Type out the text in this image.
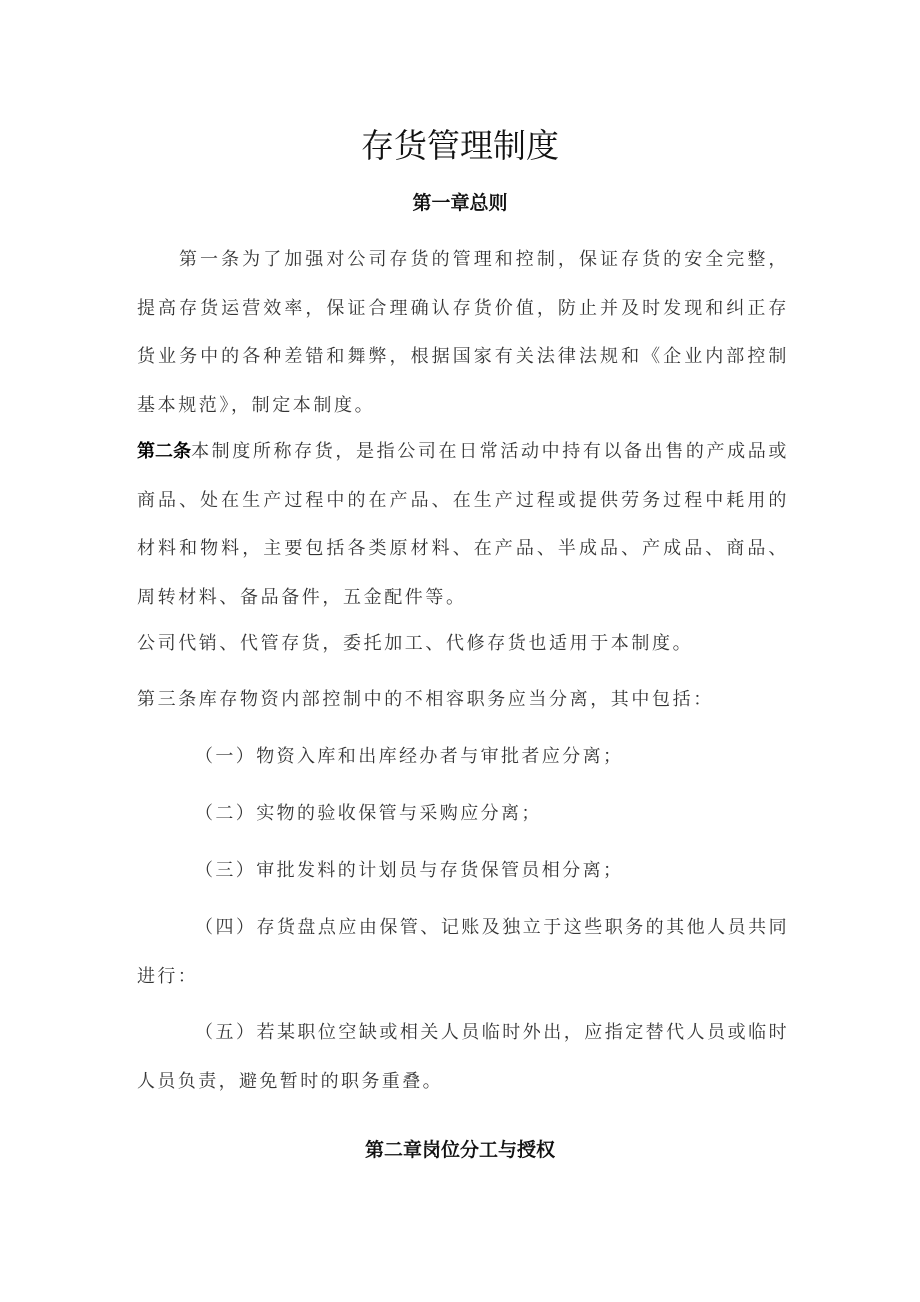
存货管理制度
第一章总则
第一条为了加强对公司存货的管理和控制，保证存货的安全完整，提高存货运营效率，保证合理确认存货价值，防止并及时发现和纠正存货业务中的各种差错和舞弊，根据国家有关法律法规和《企业内部控制基本规范》，制定本制度。
第二条本制度所称存货，是指公司在日常活动中持有以备出售的产成品或商品、处在生产过程中的在产品、在生产过程或提供劳务过程中耗用的材料和物料，主要包括各类原材料、在产品、半成品、产成品、商品、周转材料、备品备件，五金配件等。
公司代销、代管存货，委托加工、代修存货也适用于本制度。
第三条库存物资内部控制中的不相容职务应当分离，其中包括：
（一）物资入库和出库经办者与审批者应分离；
（二）实物的验收保管与采购应分离；
（三）审批发料的计划员与存货保管员相分离；
（四）存货盘点应由保管、记账及独立于这些职务的其他人员共同进行：
（五）若某职位空缺或相关人员临时外出，应指定替代人员或临时人员负责，避免暂时的职务重叠。
第二章岗位分工与授权
